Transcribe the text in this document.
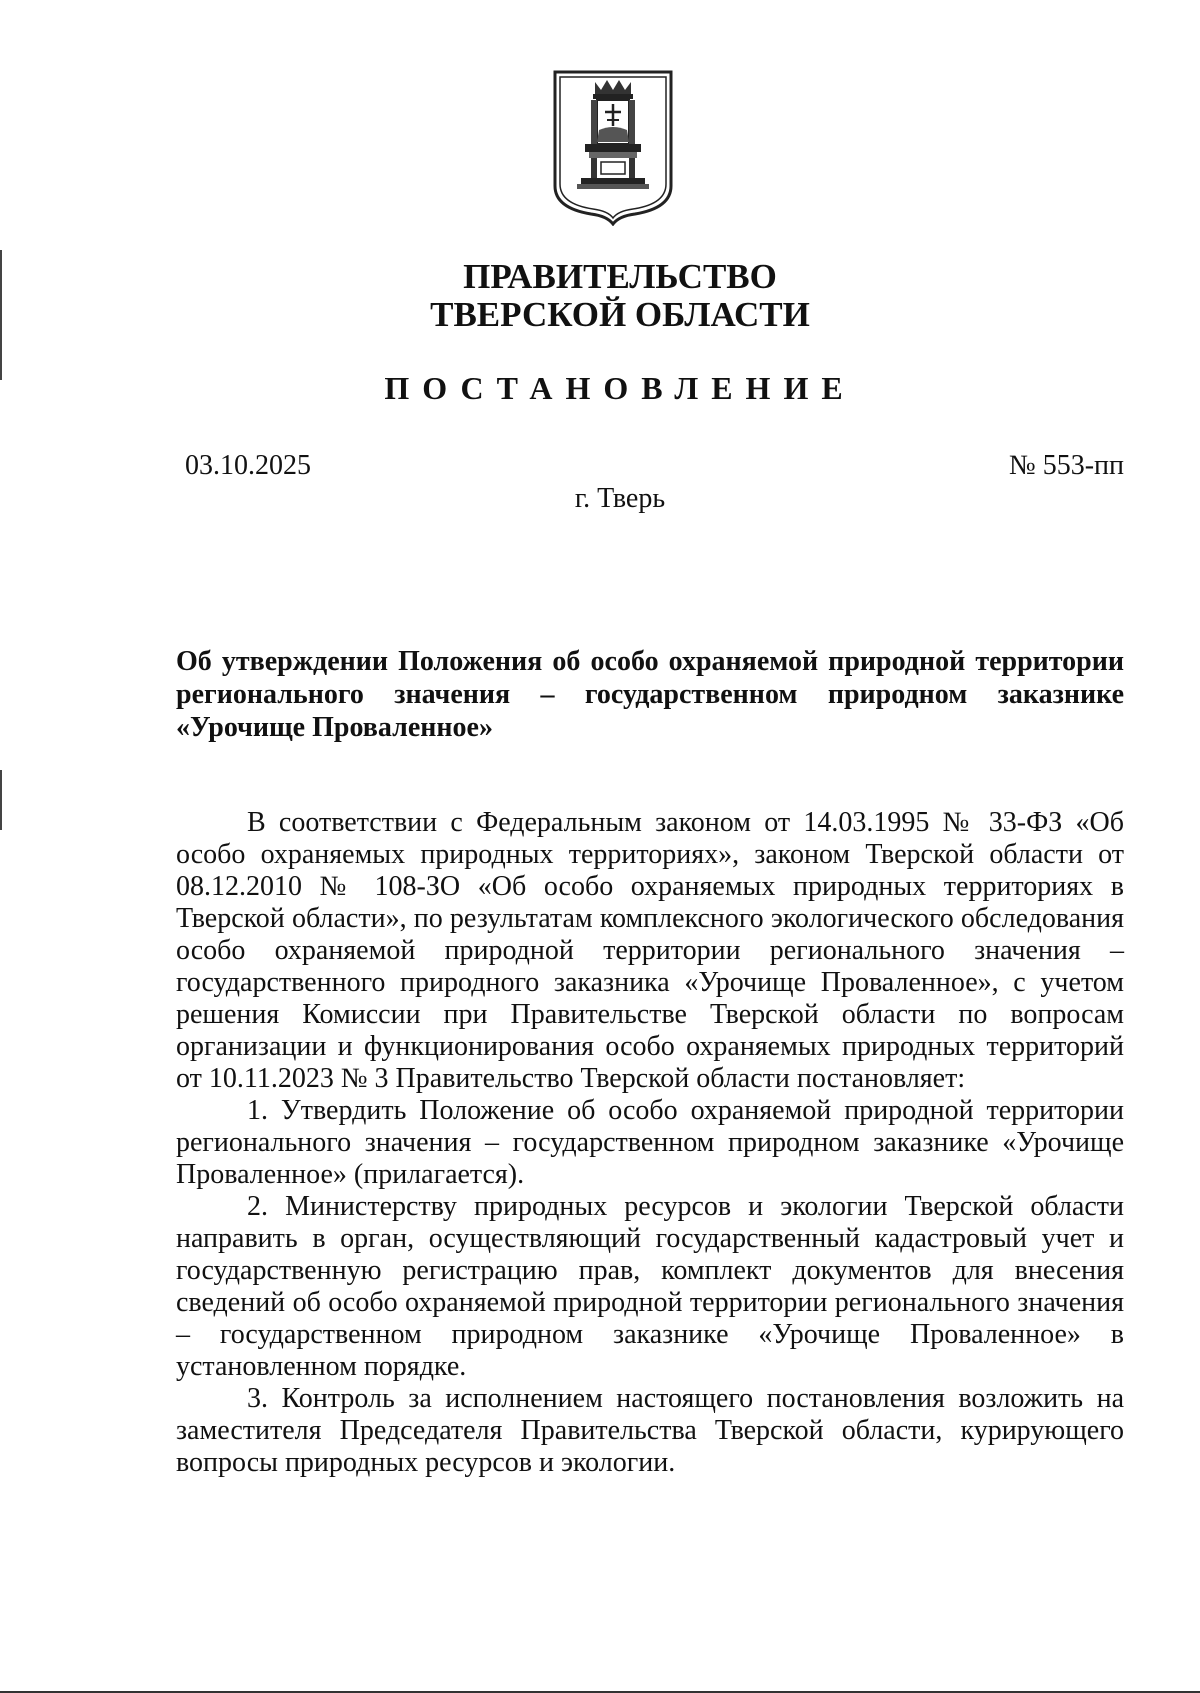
ПРАВИТЕЛЬСТВО
ТВЕРСКОЙ ОБЛАСТИ
ПОСТАНОВЛЕНИЕ
03.10.2025	№ 553-пп
г. Тверь
Об утверждении Положения об особо охраняемой природной территории регионального значения – государственном природном заказнике «Урочище Проваленное»

В соответствии с Федеральным законом от 14.03.1995 № 33-ФЗ «Об особо охраняемых природных территориях», законом Тверской области от 08.12.2010 № 108-ЗО «Об особо охраняемых природных территориях в Тверской области», по результатам комплексного экологического обследования особо охраняемой природной территории регионального значения – государственного природного заказника «Урочище Проваленное», с учетом решения Комиссии при Правительстве Тверской области по вопросам организации и функционирования особо охраняемых природных территорий от 10.11.2023 № 3 Правительство Тверской области постановляет:

1. Утвердить Положение об особо охраняемой природной территории регионального значения – государственном природном заказнике «Урочище Проваленное» (прилагается).

2. Министерству природных ресурсов и экологии Тверской области направить в орган, осуществляющий государственный кадастровый учет и государственную регистрацию прав, комплект документов для внесения сведений об особо охраняемой природной территории регионального значения – государственном природном заказнике «Урочище Проваленное» в установленном порядке.

3. Контроль за исполнением настоящего постановления возложить на заместителя Председателя Правительства Тверской области, курирующего вопросы природных ресурсов и экологии.
